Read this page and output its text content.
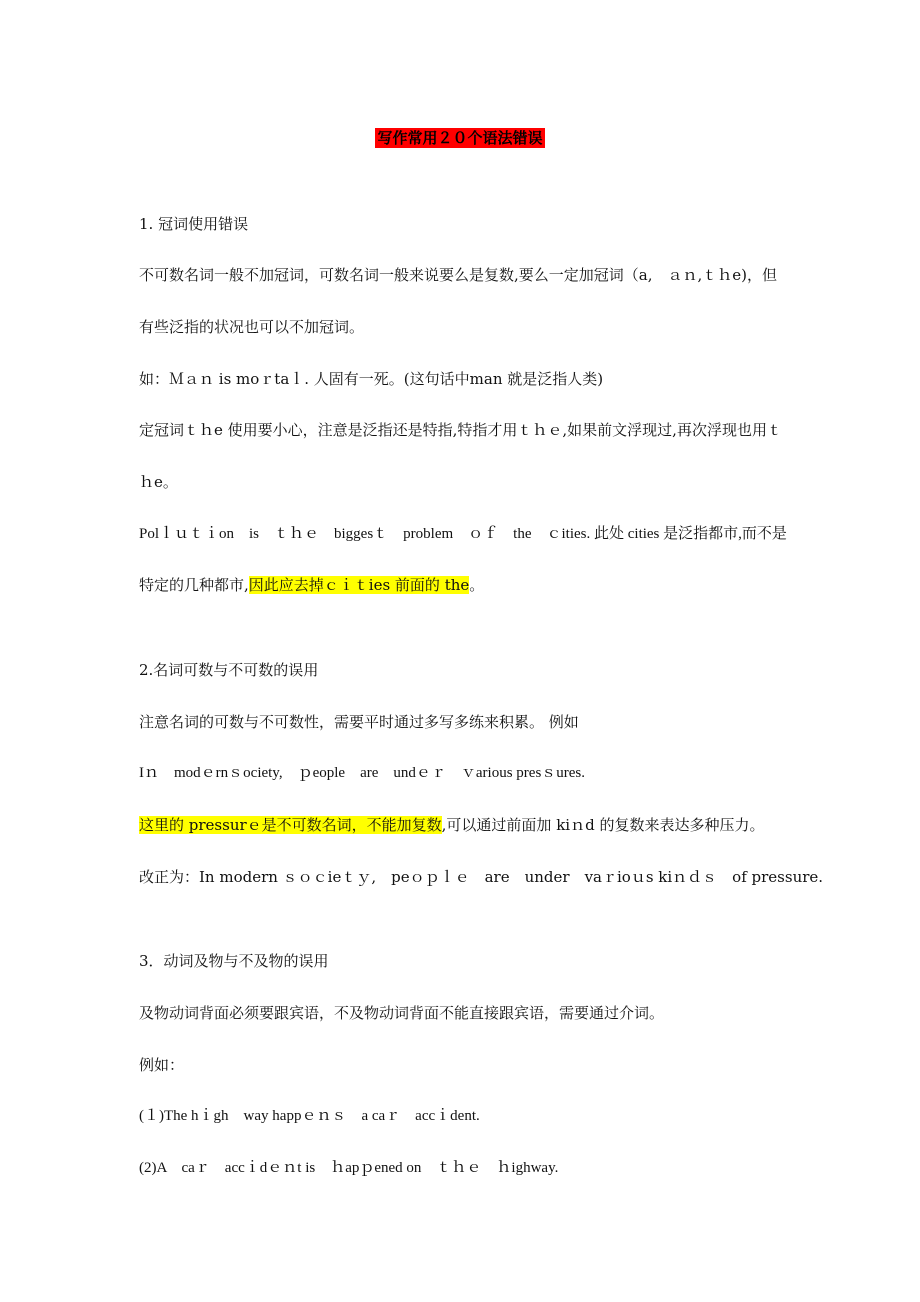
写作常用２０个语法错误
1. 冠词使用错误
不可数名词一般不加冠词，可数名词一般来说要么是复数,要么一定加冠词（a,　ａｎ,ｔｈe)，但
有些泛指的状况也可以不加冠词。
如：Ｍａｎ is moｒtaｌ. 人固有一死。(这句话中man 就是泛指人类)
定冠词ｔｈe 使用要小心，注意是泛指还是特指,特指才用ｔｈｅ,如果前文浮现过,再次浮现也用ｔ
ｈe。
Polｌｕｔｉon　is　ｔｈｅ　biggesｔ　problem　ｏｆ　the　ｃities. 此处 cities 是泛指都市,而不是
特定的几种都市,因此应去掉ｃｉｔies 前面的 the。
2.名词可数与不可数的误用
注意名词的可数与不可数性，需要平时通过多写多练来积累。 例如
Iｎ　modｅrnｓociety,　ｐeople　are　undｅｒ　ｖarious presｓures.
这里的 pressurｅ是不可数名词，不能加复数,可以通过前面加 kiｎd 的复数来表达多种压力。
改正为：In modern ｓｏｃieｔｙ,　peｏｐｌｅ　are　under　vaｒioｕs kiｎｄｓ　of pressure.
3．动词及物与不及物的误用
及物动词背面必须要跟宾语，不及物动词背面不能直接跟宾语，需要通过介词。
例如：
(１)The hｉgh　way happｅｎｓ　a caｒ　accｉdent.
(2)A　caｒ　accｉdｅｎt is　ｈapｐened on　ｔｈｅ　ｈighway.
